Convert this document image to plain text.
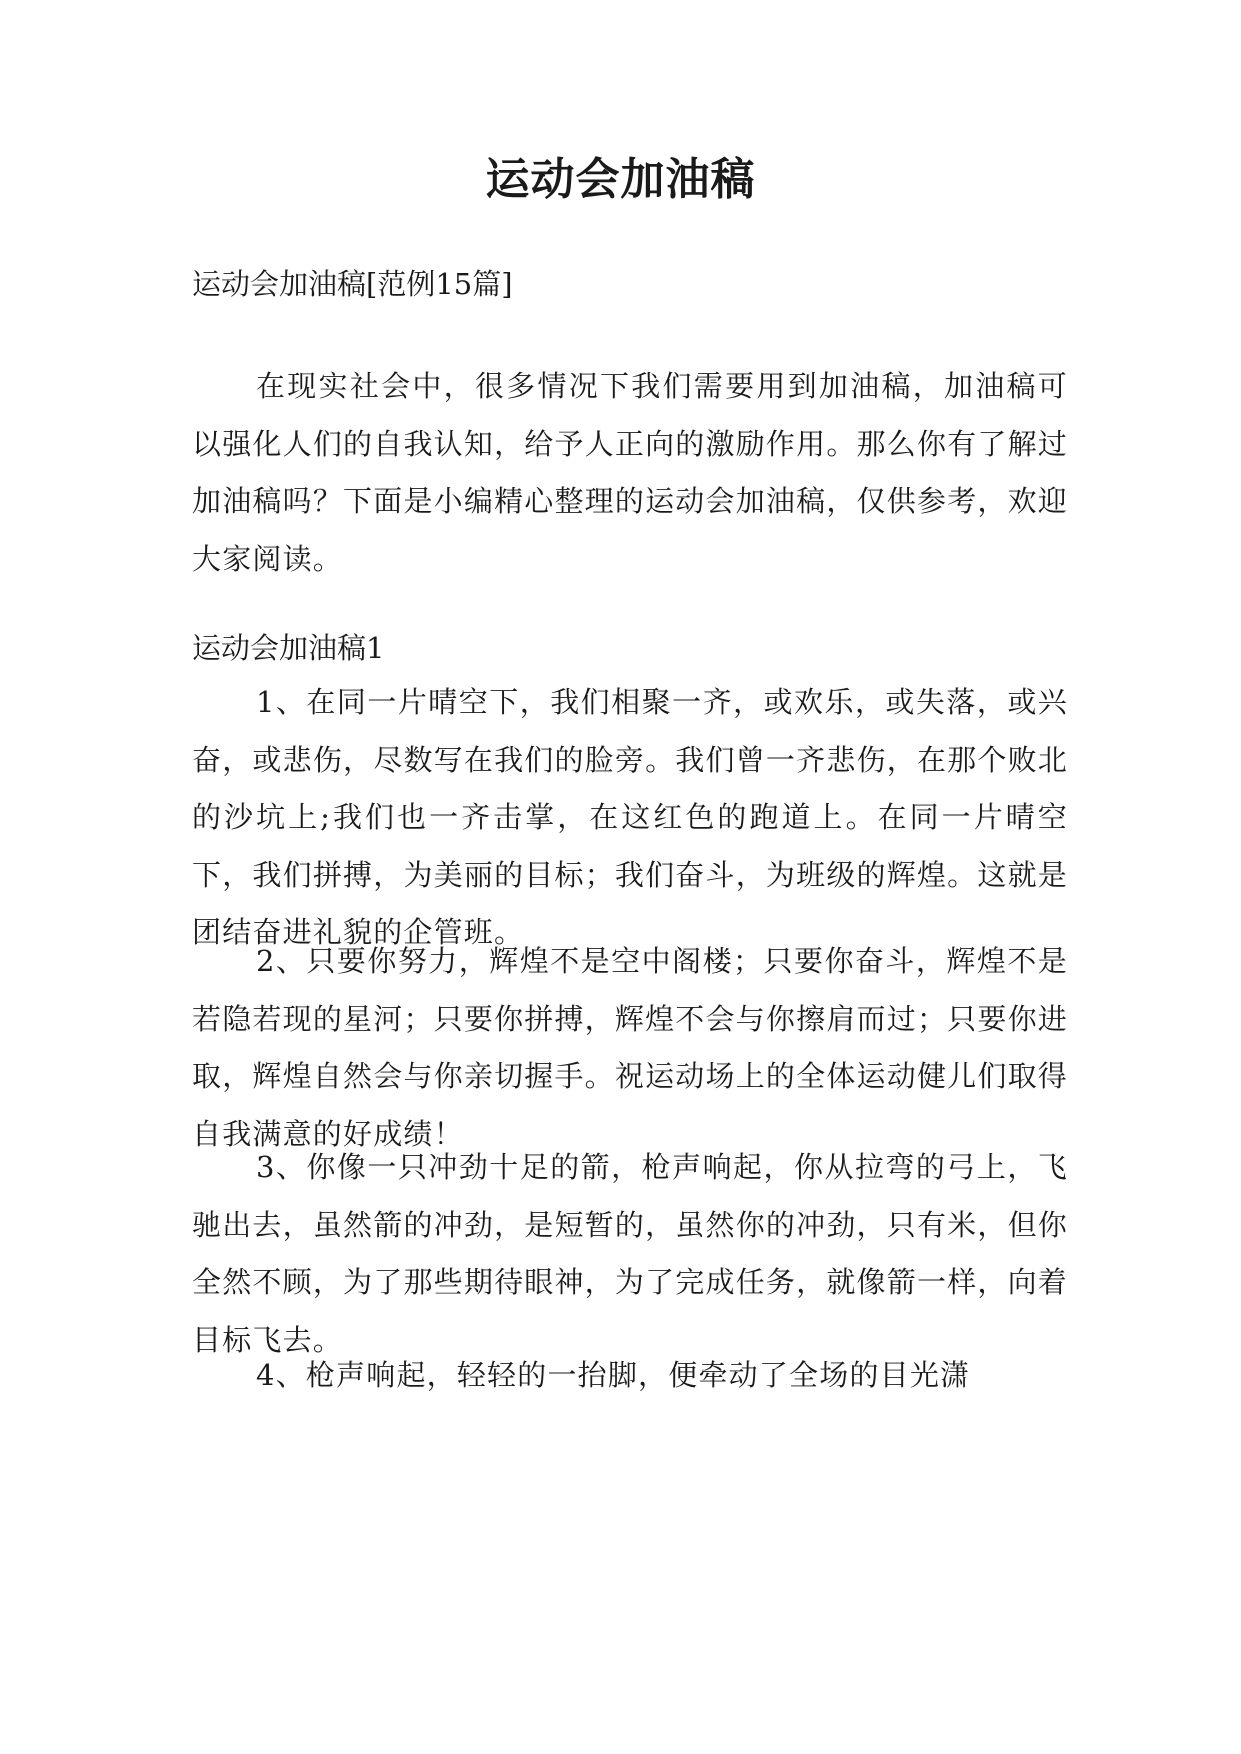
运动会加油稿

运动会加油稿[范例15篇]

在现实社会中，很多情况下我们需要用到加油稿，加油稿可以强化人们的自我认知，给予人正向的激励作用。那么你有了解过加油稿吗？下面是小编精心整理的运动会加油稿，仅供参考，欢迎大家阅读。

运动会加油稿1

1、在同一片晴空下，我们相聚一齐，或欢乐，或失落，或兴奋，或悲伤，尽数写在我们的脸旁。我们曾一齐悲伤，在那个败北的沙坑上;我们也一齐击掌，在这红色的跑道上。在同一片晴空下，我们拼搏，为美丽的目标；我们奋斗，为班级的辉煌。这就是团结奋进礼貌的企管班。

2、只要你努力，辉煌不是空中阁楼；只要你奋斗，辉煌不是若隐若现的星河；只要你拼搏，辉煌不会与你擦肩而过；只要你进取，辉煌自然会与你亲切握手。祝运动场上的全体运动健儿们取得自我满意的好成绩！

3、你像一只冲劲十足的箭，枪声响起，你从拉弯的弓上，飞驰出去，虽然箭的冲劲，是短暂的，虽然你的冲劲，只有米，但你全然不顾，为了那些期待眼神，为了完成任务，就像箭一样，向着目标飞去。

4、枪声响起，轻轻的一抬脚，便牵动了全场的目光潇
